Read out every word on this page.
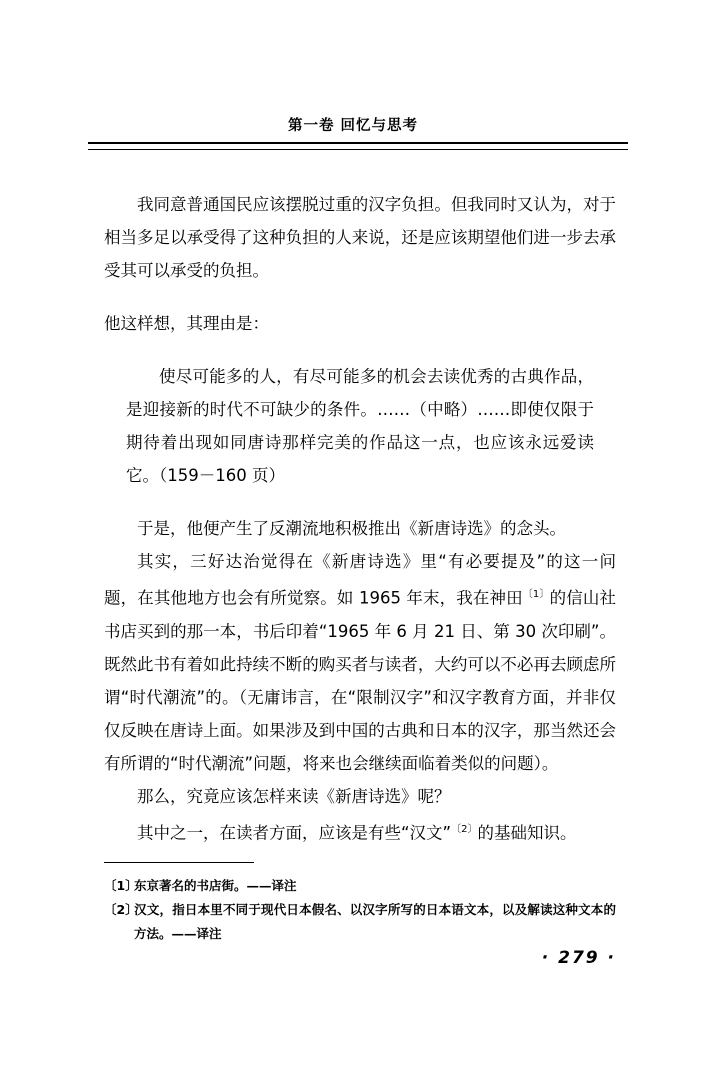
第一卷 回忆与思考

我同意普通国民应该摆脱过重的汉字负担。但我同时又认为，对于相当多足以承受得了这种负担的人来说，还是应该期望他们进一步去承受其可以承受的负担。

他这样想，其理由是：

使尽可能多的人，有尽可能多的机会去读优秀的古典作品，是迎接新的时代不可缺少的条件。……（中略）……即使仅限于期待着出现如同唐诗那样完美的作品这一点，也应该永远爱读它。（159－160 页）

于是，他便产生了反潮流地积极推出《新唐诗选》的念头。

其实，三好达治觉得在《新唐诗选》里“有必要提及”的这一问题，在其他地方也会有所觉察。如 1965 年末，我在神田$^{〔1〕}$的信山社书店买到的那一本，书后印着“1965 年 6 月 21 日、第 30 次印刷”。既然此书有着如此持续不断的购买者与读者，大约可以不必再去顾虑所谓“时代潮流”的。（无庸讳言，在“限制汉字”和汉字教育方面，并非仅仅反映在唐诗上面。如果涉及到中国的古典和日本的汉字，那当然还会有所谓的“时代潮流”问题，将来也会继续面临着类似的问题）。

那么，究竟应该怎样来读《新唐诗选》呢？

其中之一，在读者方面，应该是有些“汉文”$^{〔2〕}$的基础知识。

〔1〕东京著名的书店街。——译注

〔2〕汉文，指日本里不同于现代日本假名、以汉字所写的日本语文本，以及解读这种文本的方法。——译注

· 279 ·
